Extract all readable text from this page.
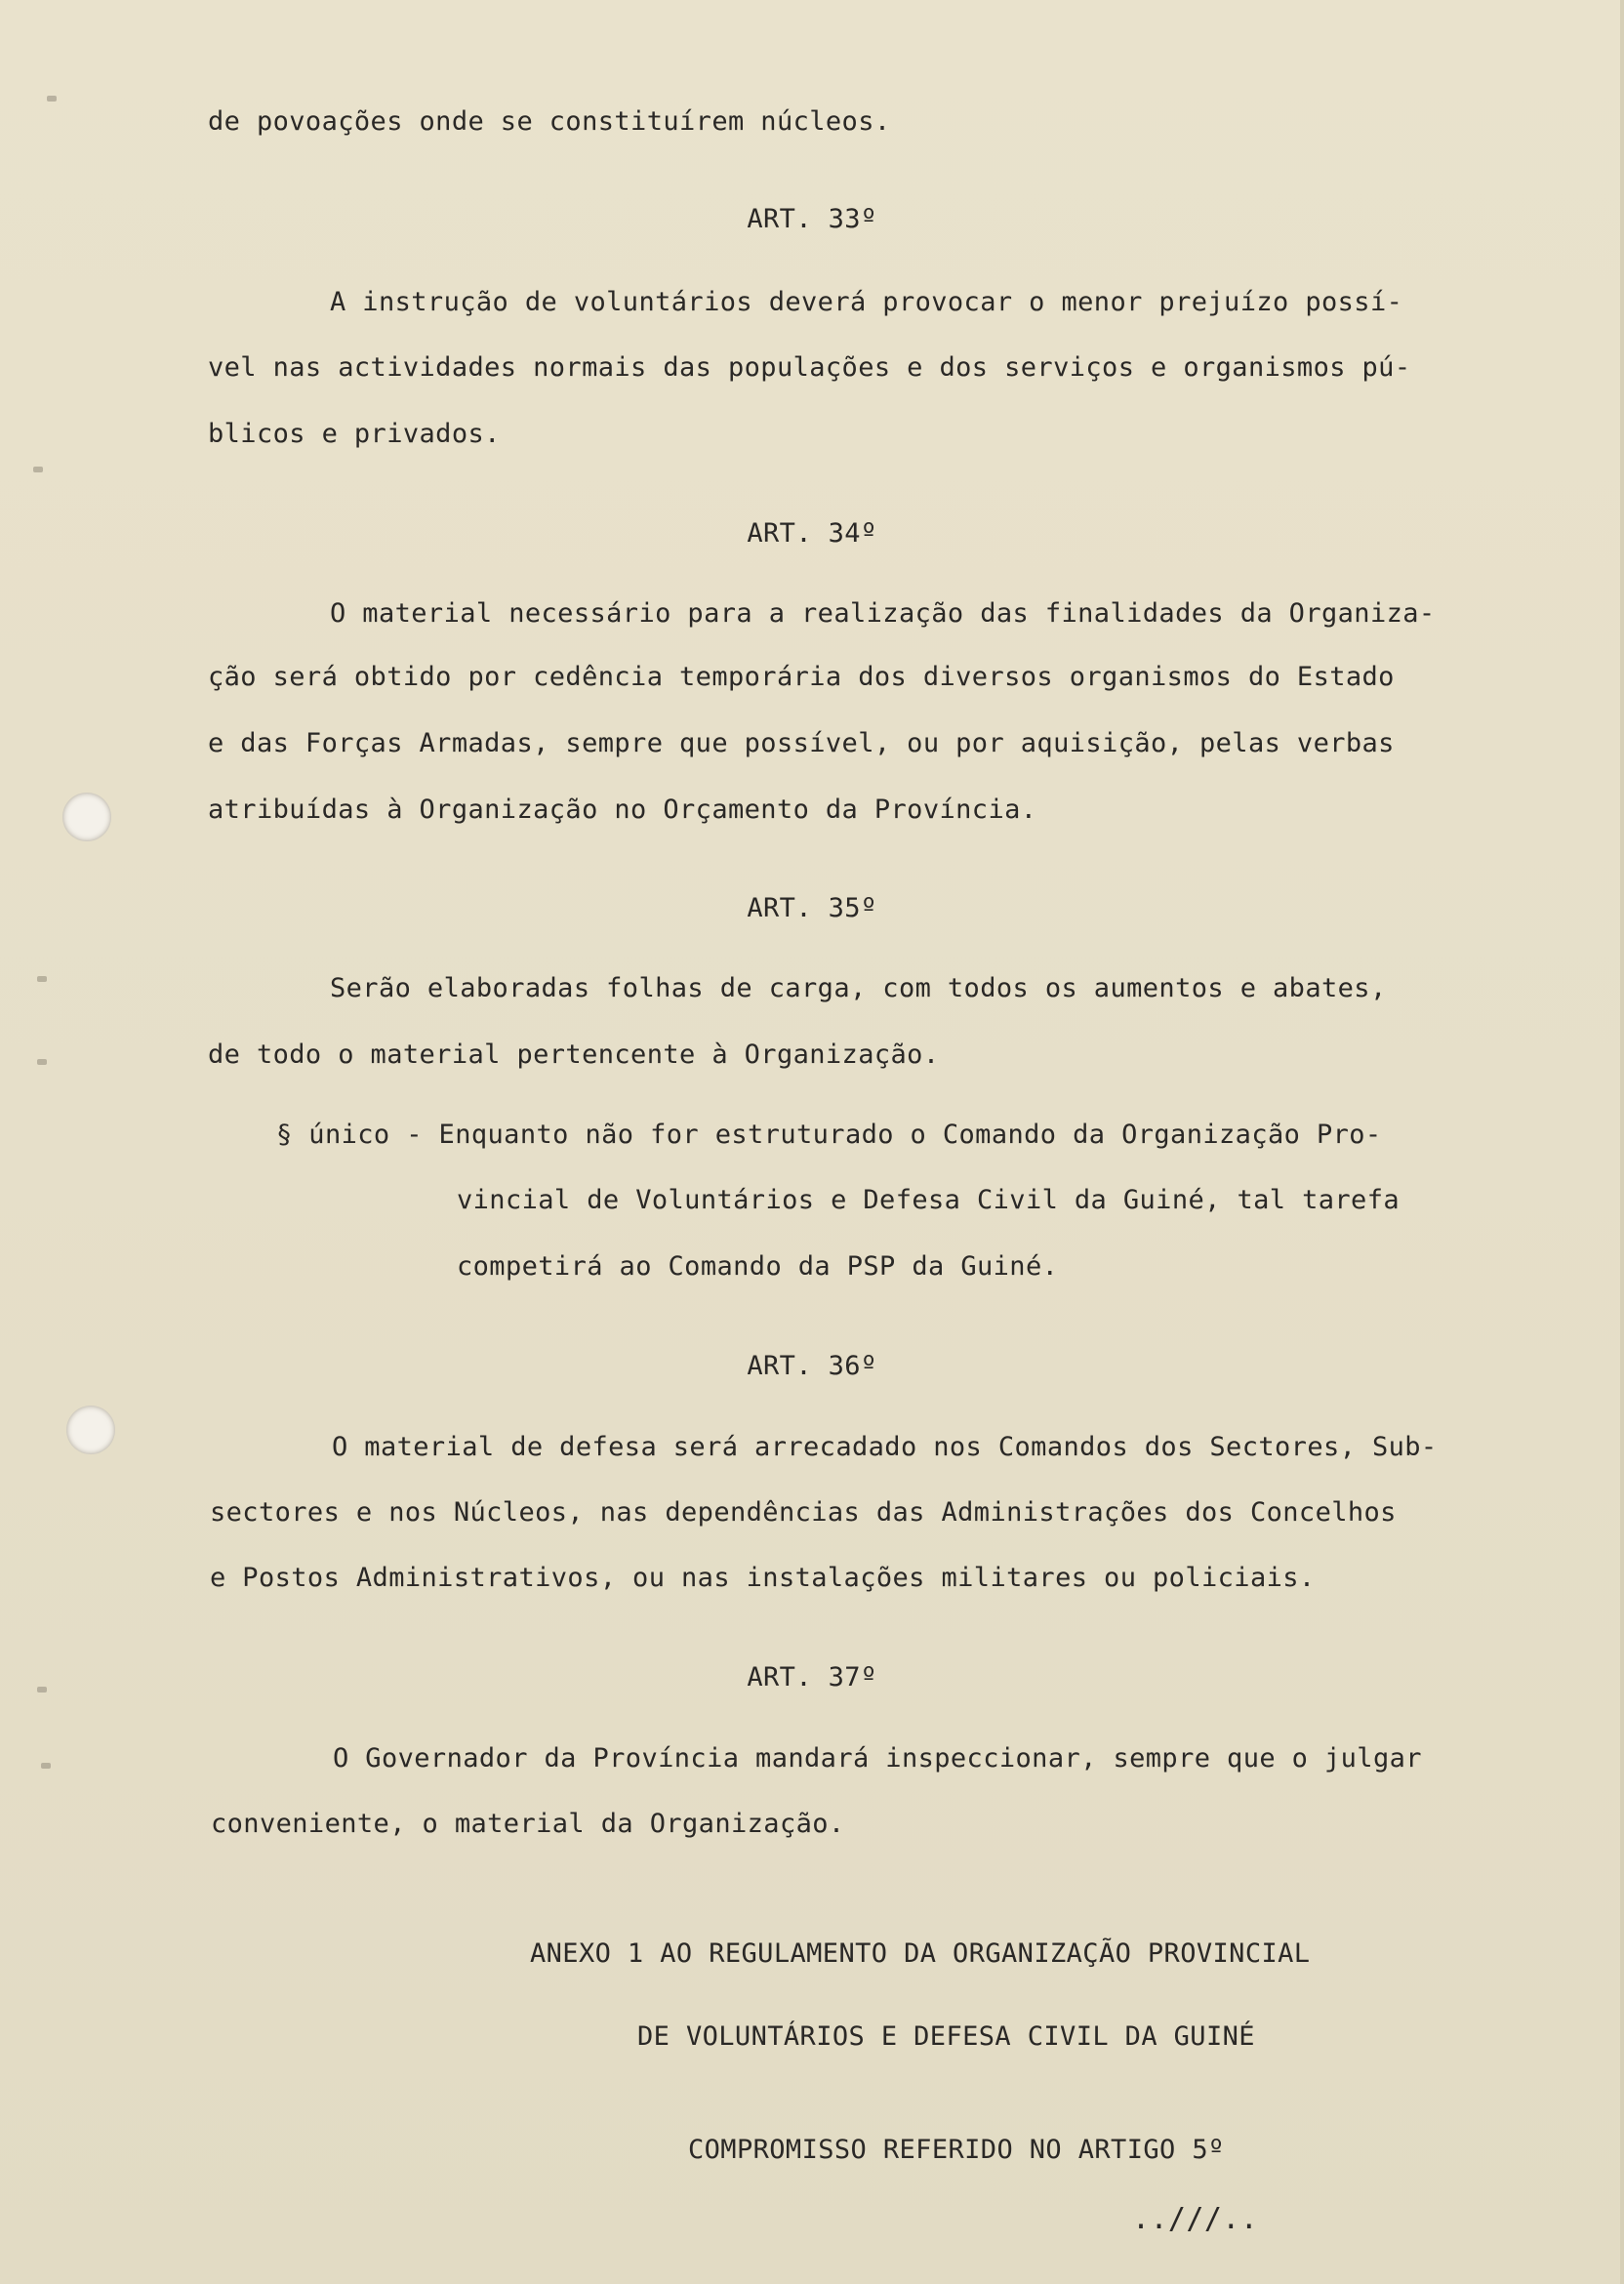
de povoações onde se constituírem núcleos.
ART. 33º
A instrução de voluntários deverá provocar o menor prejuízo possí-
vel nas actividades normais das populações e dos serviços e organismos pú-
blicos e privados.
ART. 34º
O material necessário para a realização das finalidades da Organiza-
ção será obtido por cedência temporária dos diversos organismos do Estado
e das Forças Armadas, sempre que possível, ou por aquisição, pelas verbas
atribuídas à Organização no Orçamento da Província.
ART. 35º
Serão elaboradas folhas de carga, com todos os aumentos e abates,
de todo o material pertencente à Organização.
§ único - Enquanto não for estruturado o Comando da Organização Pro-
vincial de Voluntários e Defesa Civil da Guiné, tal tarefa
competirá ao Comando da PSP da Guiné.
ART. 36º
O material de defesa será arrecadado nos Comandos dos Sectores, Sub-
sectores e nos Núcleos, nas dependências das Administrações dos Concelhos
e Postos Administrativos, ou nas instalações militares ou policiais.
ART. 37º
O Governador da Província mandará inspeccionar, sempre que o julgar
conveniente, o material da Organização.
ANEXO 1 AO REGULAMENTO DA ORGANIZAÇÃO PROVINCIAL
DE VOLUNTÁRIOS E DEFESA CIVIL DA GUINÉ
COMPROMISSO REFERIDO NO ARTIGO 5º
..///..
